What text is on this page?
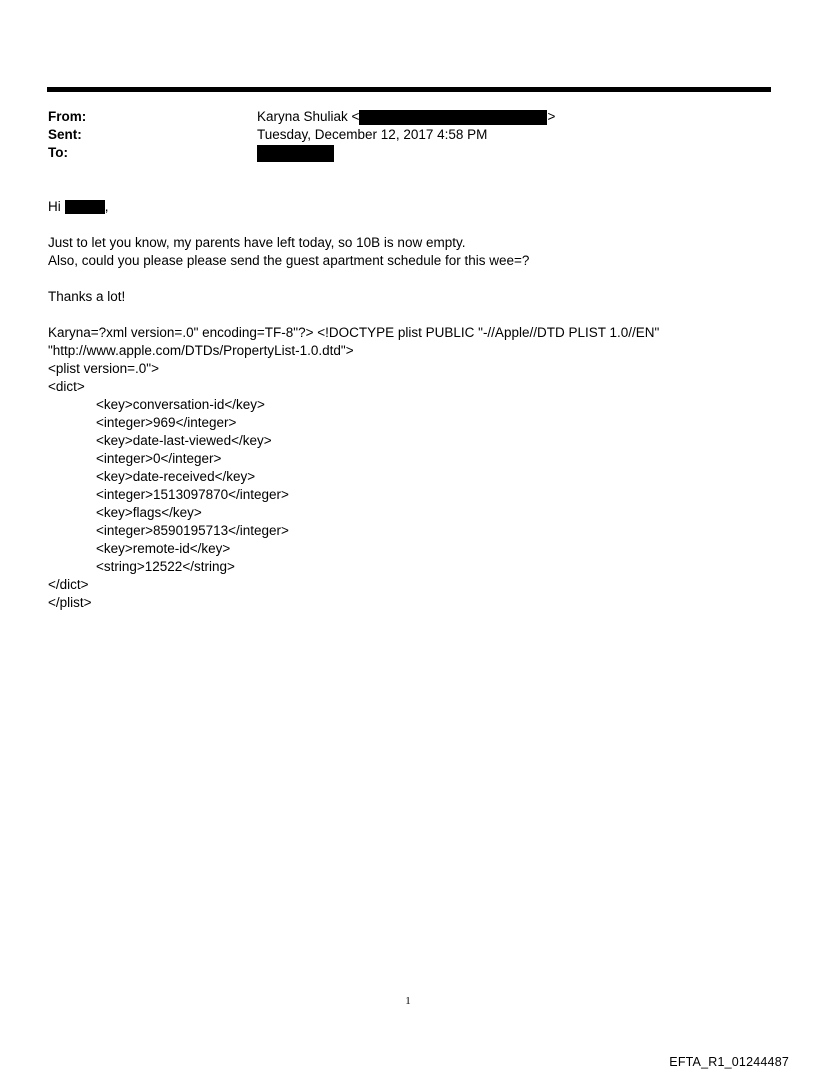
From:	Karyna Shuliak <	>
Sent:	Tuesday, December 12, 2017 4:58 PM
To:
Hi	,
Just to let you know, my parents have left today, so 10B is now empty.
Also, could you please please send the guest apartment schedule for this wee=?
Thanks a lot!
Karyna=?xml version=.0" encoding=TF-8"?> <!DOCTYPE plist PUBLIC "-//Apple//DTD PLIST 1.0//EN"
"http://www.apple.com/DTDs/PropertyList-1.0.dtd">
<plist version=.0">
<dict>
<key>conversation-id</key>
<integer>969</integer>
<key>date-last-viewed</key>
<integer>0</integer>
<key>date-received</key>
<integer>1513097870</integer>
<key>flags</key>
<integer>8590195713</integer>
<key>remote-id</key>
<string>12522</string>
</dict>
</plist>
1
EFTA_R1_01244487
